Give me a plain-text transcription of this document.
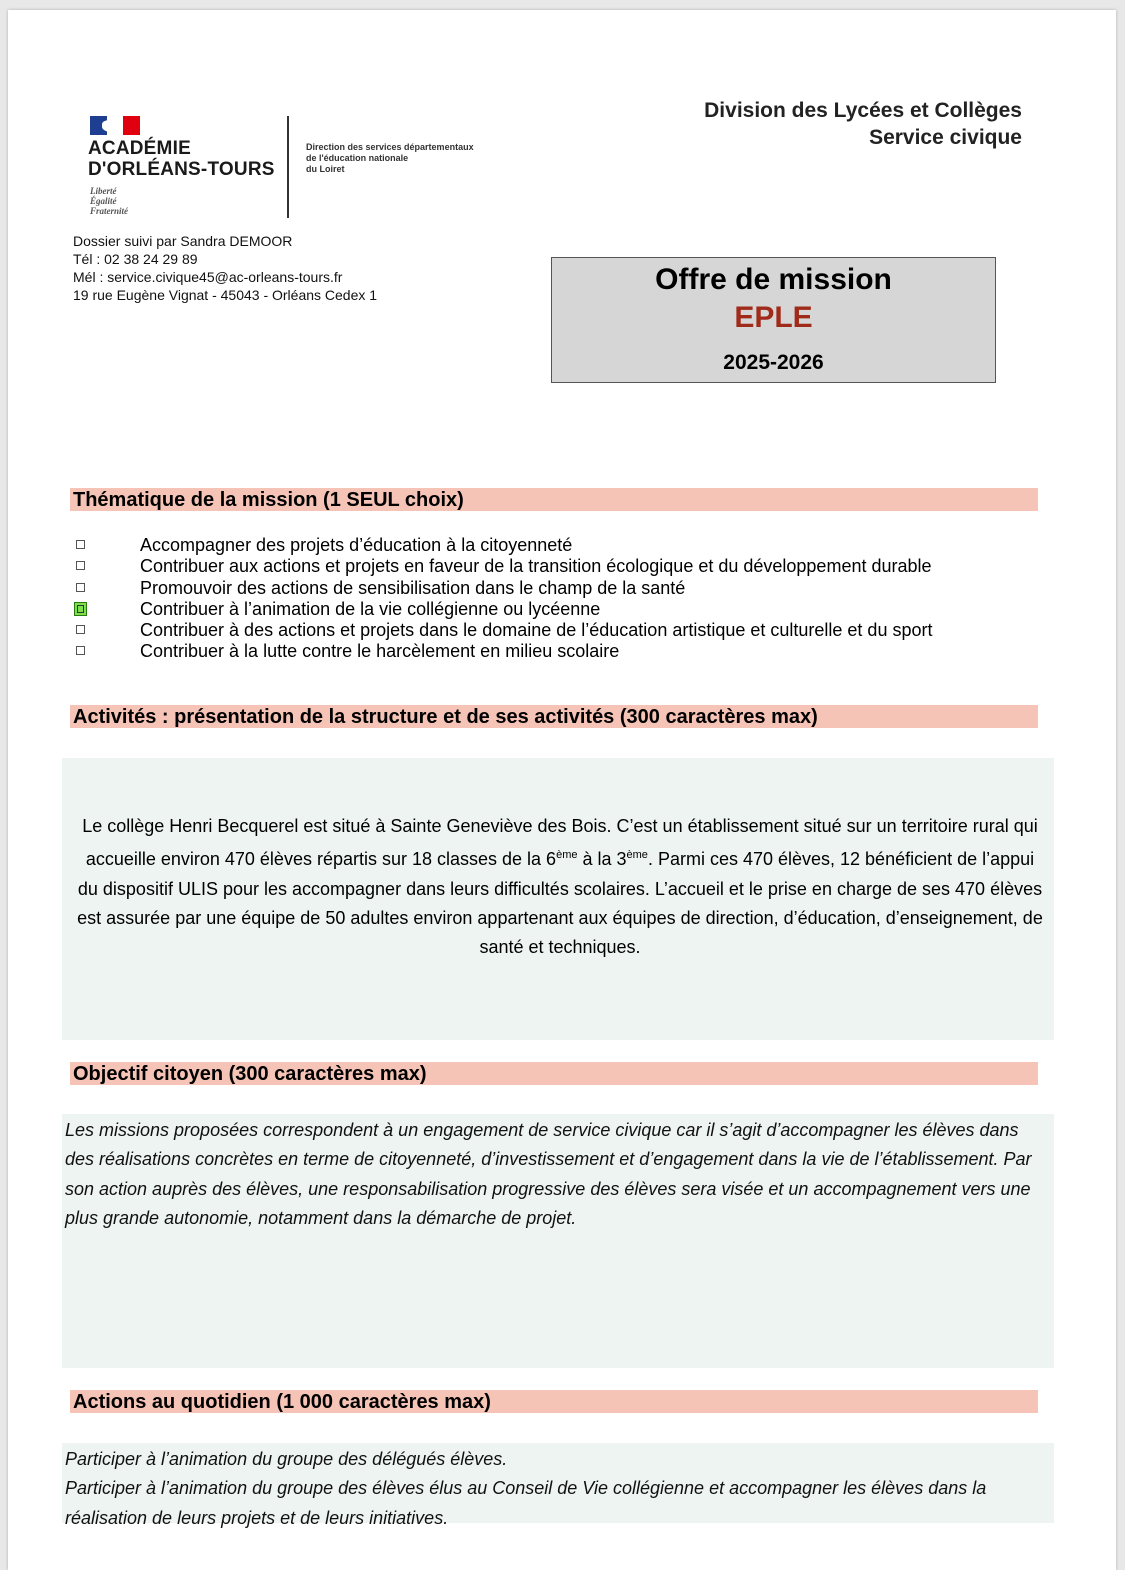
ACADÉMIE
D'ORLÉANS-TOURS
Liberté
Égalité
Fraternité
Direction des services départementaux
de l'éducation nationale
du Loiret
Division des Lycées et Collèges
Service civique
Dossier suivi par Sandra DEMOOR
Tél : 02 38 24 29 89
Mél : service.civique45@ac-orleans-tours.fr
19 rue Eugène Vignat - 45043 - Orléans Cedex 1	Offre de mission
EPLE
2025-2026
Thématique de la mission (1 SEUL choix)
Accompagner des projets d’éducation à la citoyenneté
Contribuer aux actions et projets en faveur de la transition écologique et du développement durable
Promouvoir des actions de sensibilisation dans le champ de la santé
Contribuer à l’animation de la vie collégienne ou lycéenne
Contribuer à des actions et projets dans le domaine de l’éducation artistique et culturelle et du sport
Contribuer à la lutte contre le harcèlement en milieu scolaire
Activités : présentation de la structure et de ses activités (300 caractères max)
Le collège Henri Becquerel est situé à Sainte Geneviève des Bois. C’est un établissement situé sur un territoire rural qui accueille environ 470 élèves répartis sur 18 classes de la 6ème à la 3ème. Parmi ces 470 élèves, 12 bénéficient de l’appui du dispositif ULIS pour les accompagner dans leurs difficultés scolaires. L’accueil et le prise en charge de ses 470 élèves est assurée par une équipe de 50 adultes environ appartenant aux équipes de direction, d’éducation, d’enseignement, de santé et techniques.
Objectif citoyen (300 caractères max)
Les missions proposées correspondent à un engagement de service civique car il s’agit d’accompagner les élèves dans des réalisations concrètes en terme de citoyenneté, d’investissement et d’engagement dans la vie de l’établissement. Par son action auprès des élèves, une responsabilisation progressive des élèves sera visée et un accompagnement vers une plus grande autonomie, notamment dans la démarche de projet.
Actions au quotidien (1 000 caractères max)
Participer à l’animation du groupe des délégués élèves.
Participer à l’animation du groupe des élèves élus au Conseil de Vie collégienne et accompagner les élèves dans la réalisation de leurs projets et de leurs initiatives.
